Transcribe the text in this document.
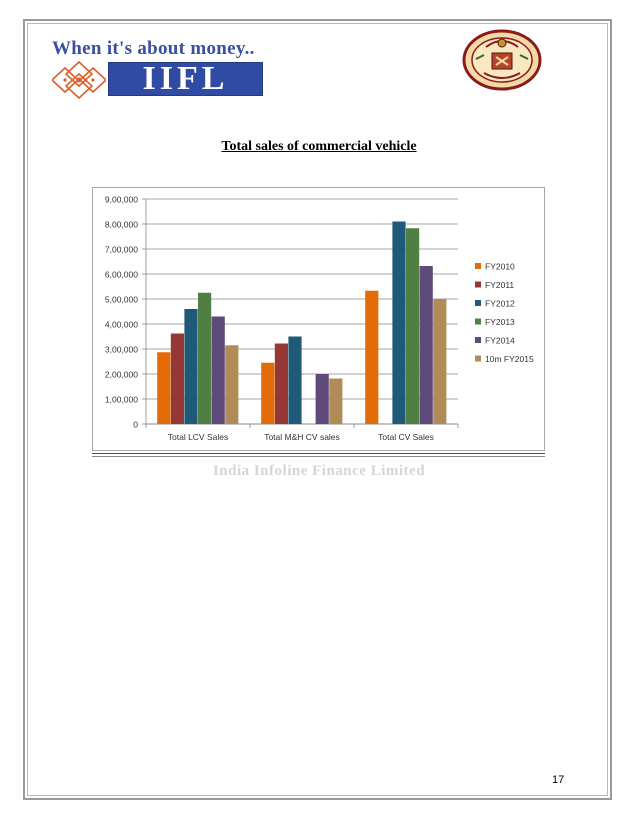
When it's about money..
IIFL
Total sales of commercial vehicle
0
1,00,000
2,00,000
3,00,000
4,00,000
5,00,000
6,00,000
7,00,000
8,00,000
9,00,000
Total LCV Sales	Total M&H CV sales	Total CV Sales
FY2010
FY2011
FY2012
FY2013
FY2014
10m FY2015
India Infoline Finance Limited
17
